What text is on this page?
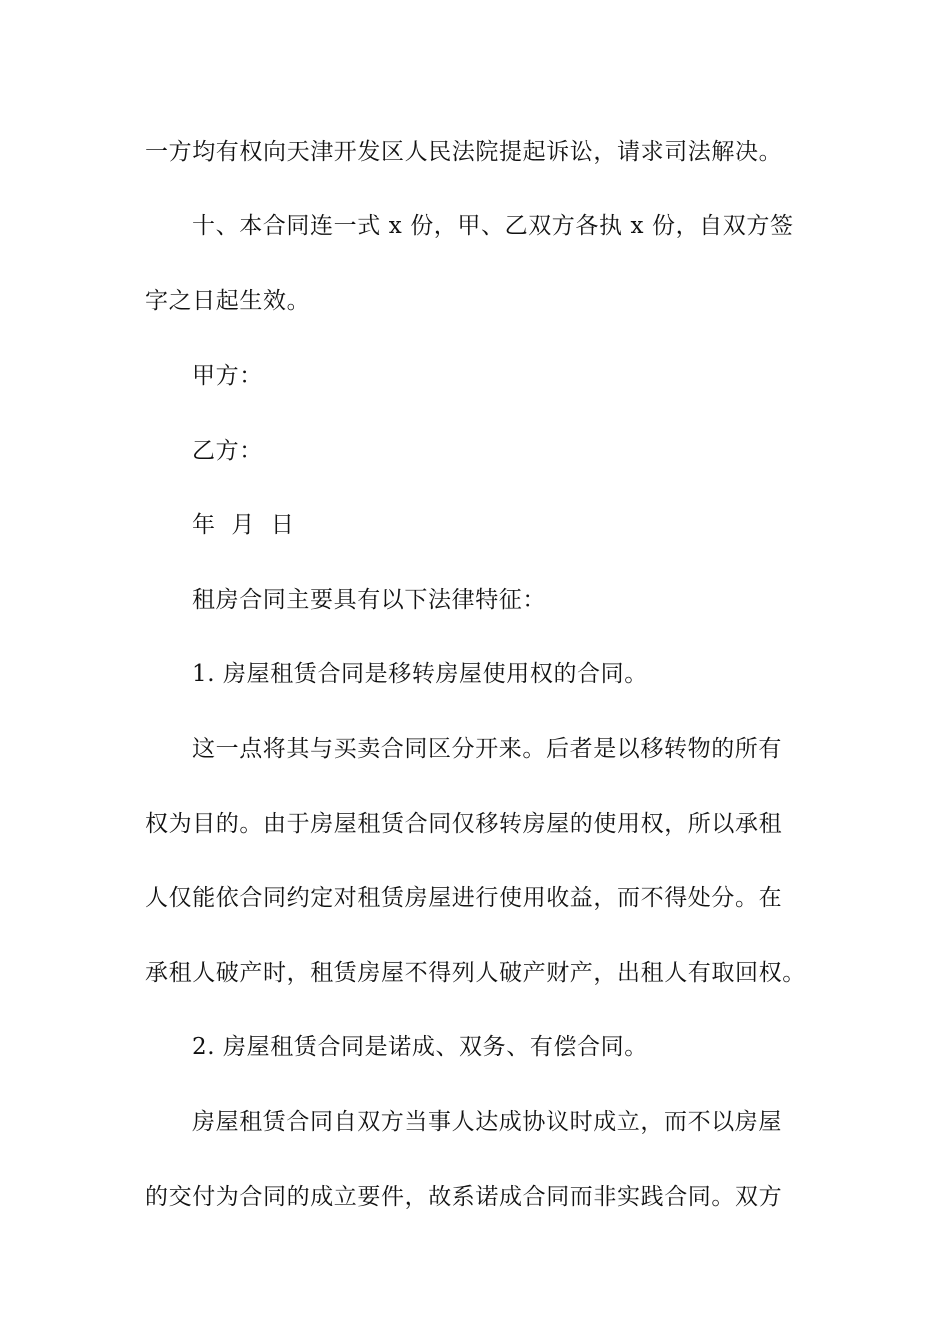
一方均有权向天津开发区人民法院提起诉讼，请求司法解决。
十、本合同连一式 x 份，甲、乙双方各执 x 份，自双方签
字之日起生效。
甲方：
乙方：
年  月  日
租房合同主要具有以下法律特征：
1. 房屋租赁合同是移转房屋使用权的合同。
这一点将其与买卖合同区分开来。后者是以移转物的所有
权为目的。由于房屋租赁合同仅移转房屋的使用权，所以承租
人仅能依合同约定对租赁房屋进行使用收益，而不得处分。在
承租人破产时，租赁房屋不得列人破产财产，出租人有取回权。
2. 房屋租赁合同是诺成、双务、有偿合同。
房屋租赁合同自双方当事人达成协议时成立，而不以房屋
的交付为合同的成立要件，故系诺成合同而非实践合同。双方
